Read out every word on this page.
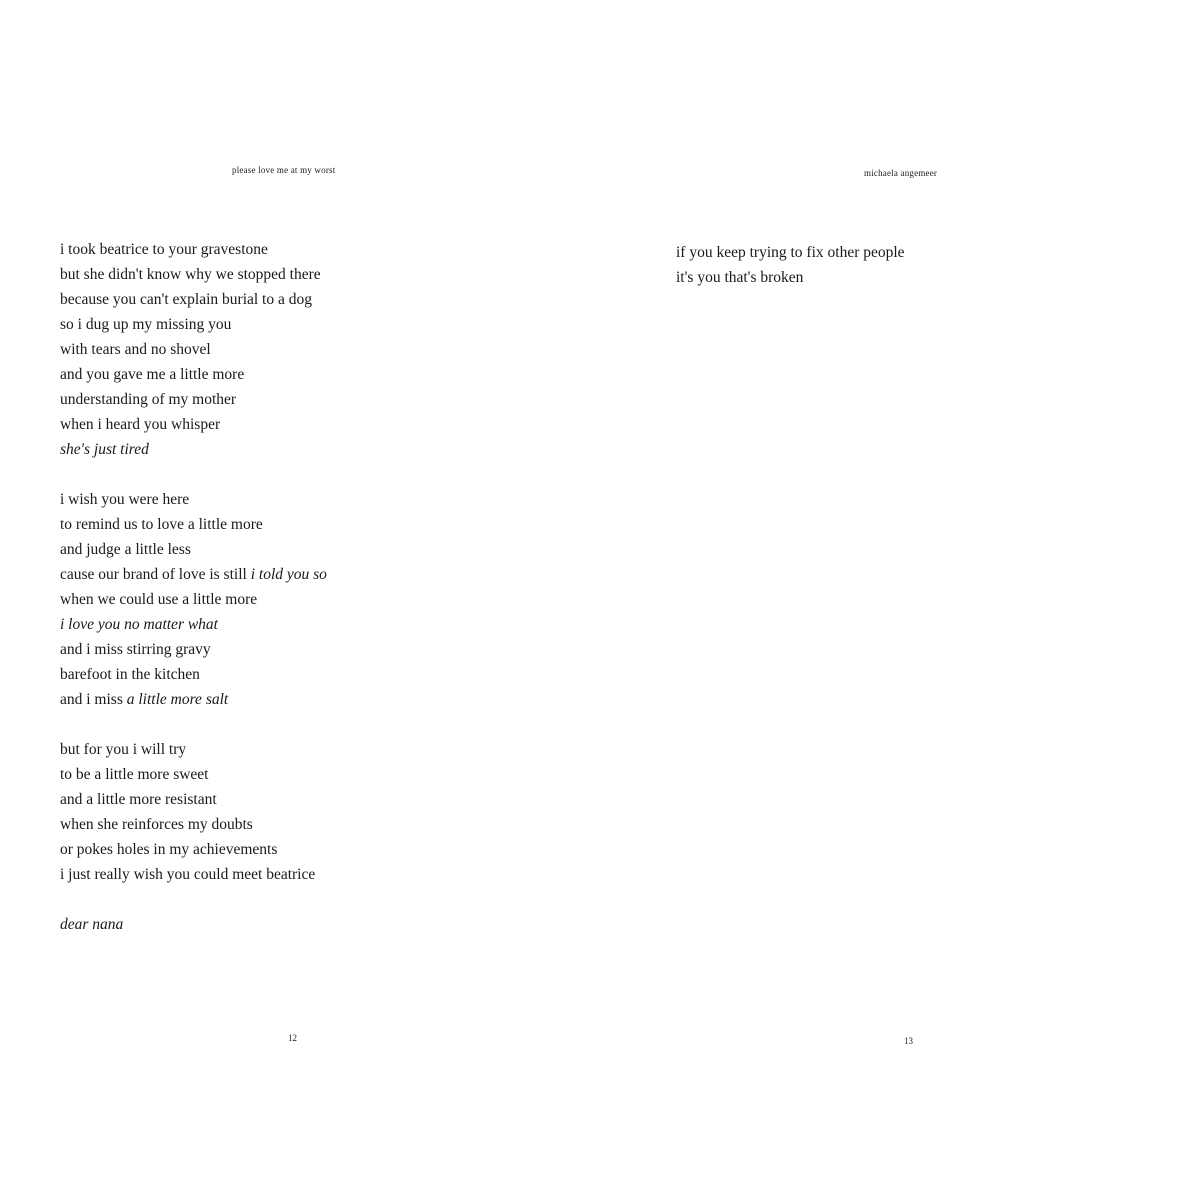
please love me at my worst
i took beatrice to your gravestone
but she didn't know why we stopped there
because you can't explain burial to a dog
so i dug up my missing you
with tears and no shovel
and you gave me a little more
understanding of my mother
when i heard you whisper
she's just tired
i wish you were here
to remind us to love a little more
and judge a little less
cause our brand of love is still i told you so
when we could use a little more
i love you no matter what
and i miss stirring gravy
barefoot in the kitchen
and i miss a little more salt
but for you i will try
to be a little more sweet
and a little more resistant
when she reinforces my doubts
or pokes holes in my achievements
i just really wish you could meet beatrice
dear nana
12
michaela angemeer
if you keep trying to fix other people
it's you that's broken
13
